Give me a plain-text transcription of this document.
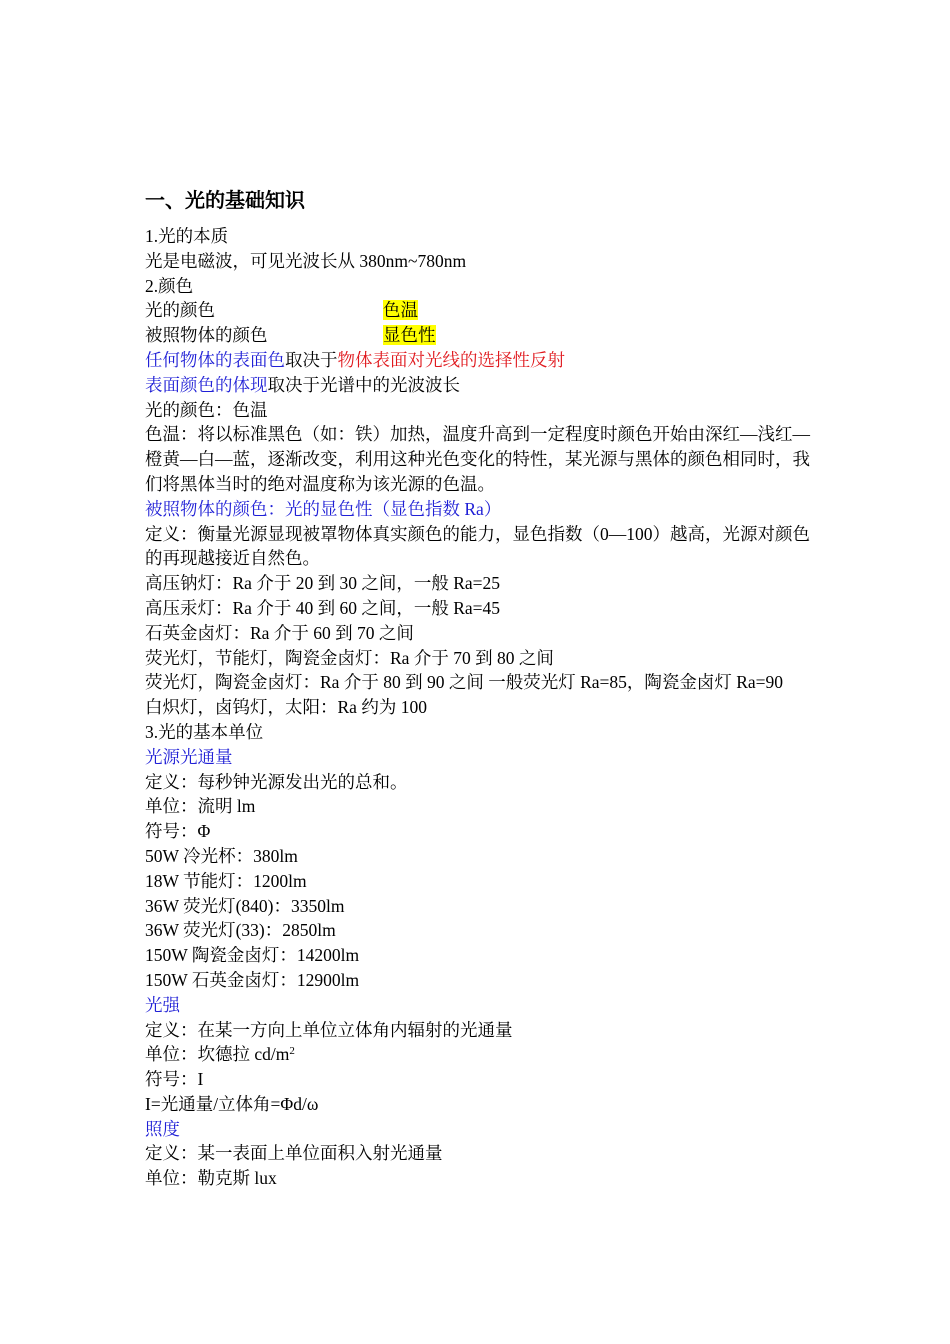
一、光的基础知识
1.光的本质
光是电磁波，可见光波长从 380nm~780nm
2.颜色
光的颜色	色温
被照物体的颜色	显色性
任何物体的表面色取决于物体表面对光线的选择性反射
表面颜色的体现取决于光谱中的光波波长
光的颜色：色温
色温：将以标准黑色（如：铁）加热，温度升高到一定程度时颜色开始由深红—浅红—橙黄—白—蓝，逐渐改变，利用这种光色变化的特性，某光源与黑体的颜色相同时，我们将黑体当时的绝对温度称为该光源的色温。
被照物体的颜色：光的显色性（显色指数 Ra）
定义：衡量光源显现被罩物体真实颜色的能力，显色指数（0—100）越高，光源对颜色的再现越接近自然色。
高压钠灯：Ra 介于 20 到 30 之间，一般 Ra=25
高压汞灯：Ra 介于 40 到 60 之间，一般 Ra=45
石英金卤灯：Ra 介于 60 到 70 之间
荧光灯，节能灯，陶瓷金卤灯：Ra 介于 70 到 80 之间
荧光灯，陶瓷金卤灯：Ra 介于 80 到 90 之间 一般荧光灯 Ra=85，陶瓷金卤灯 Ra=90
白炽灯，卤钨灯，太阳：Ra 约为 100
3.光的基本单位
光源光通量
定义：每秒钟光源发出光的总和。
单位：流明 lm
符号：Φ
50W 冷光杯：380lm
18W 节能灯：1200lm
36W 荧光灯(840)：3350lm
36W 荧光灯(33)：2850lm
150W 陶瓷金卤灯：14200lm
150W 石英金卤灯：12900lm
光强
定义：在某一方向上单位立体角内辐射的光通量
单位：坎德拉 $cd/m^2$
符号：I
I=光通量/立体角=Φd/ω
照度
定义：某一表面上单位面积入射光通量
单位：勒克斯 lux
